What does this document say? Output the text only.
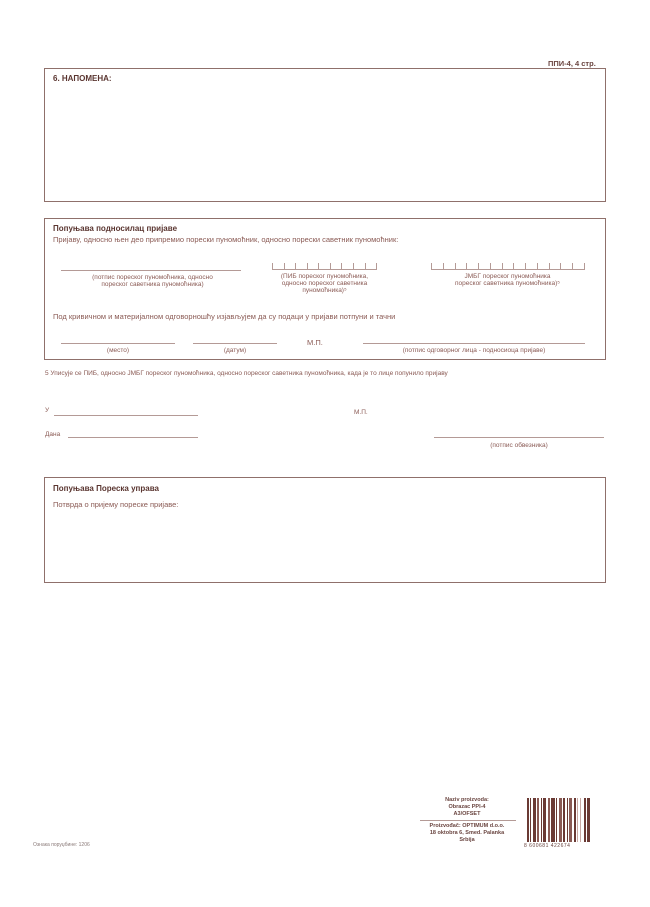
ППИ-4, 4 стр.
6. НАПОМЕНА:
Попуњава подносилац пријаве
Пријаву, односно њен део припремио порески пуномоћник, односно порески саветник пуномоћник:
(потпис пореског пуномоћника, односно
пореског саветника пуномоћника)
(ПИБ пореског пуномоћника,
односно пореског саветника
пуномоћника)⁵
ЈМБГ пореског пуномоћника
пореског саветника пуномоћника)⁵
Под кривичном и материјалном одговорношћу изјављујем да су подаци у пријави потпуни и тачни
(место)	(датум)
М.П.
(потпис одговорног лица - подносиоца пријаве)
5 Уписује се ПИБ, односно ЈМБГ пореског пуномоћника, односно пореског саветника пуномоћника, када је то лице попунило пријаву
У
Дана
М.П.
(потпис обвезника)
Попуњава Пореска управа
Потврда о пријему пореске пријаве:
Ознака поруџбине: 1206
Naziv proizvoda:
Obrazac PPI-4
A3/OFSET
Proizvođač: OPTIMUM d.o.o.
18 oktobra 6, Smed. Palanka
Srbija
8 600681 422674
